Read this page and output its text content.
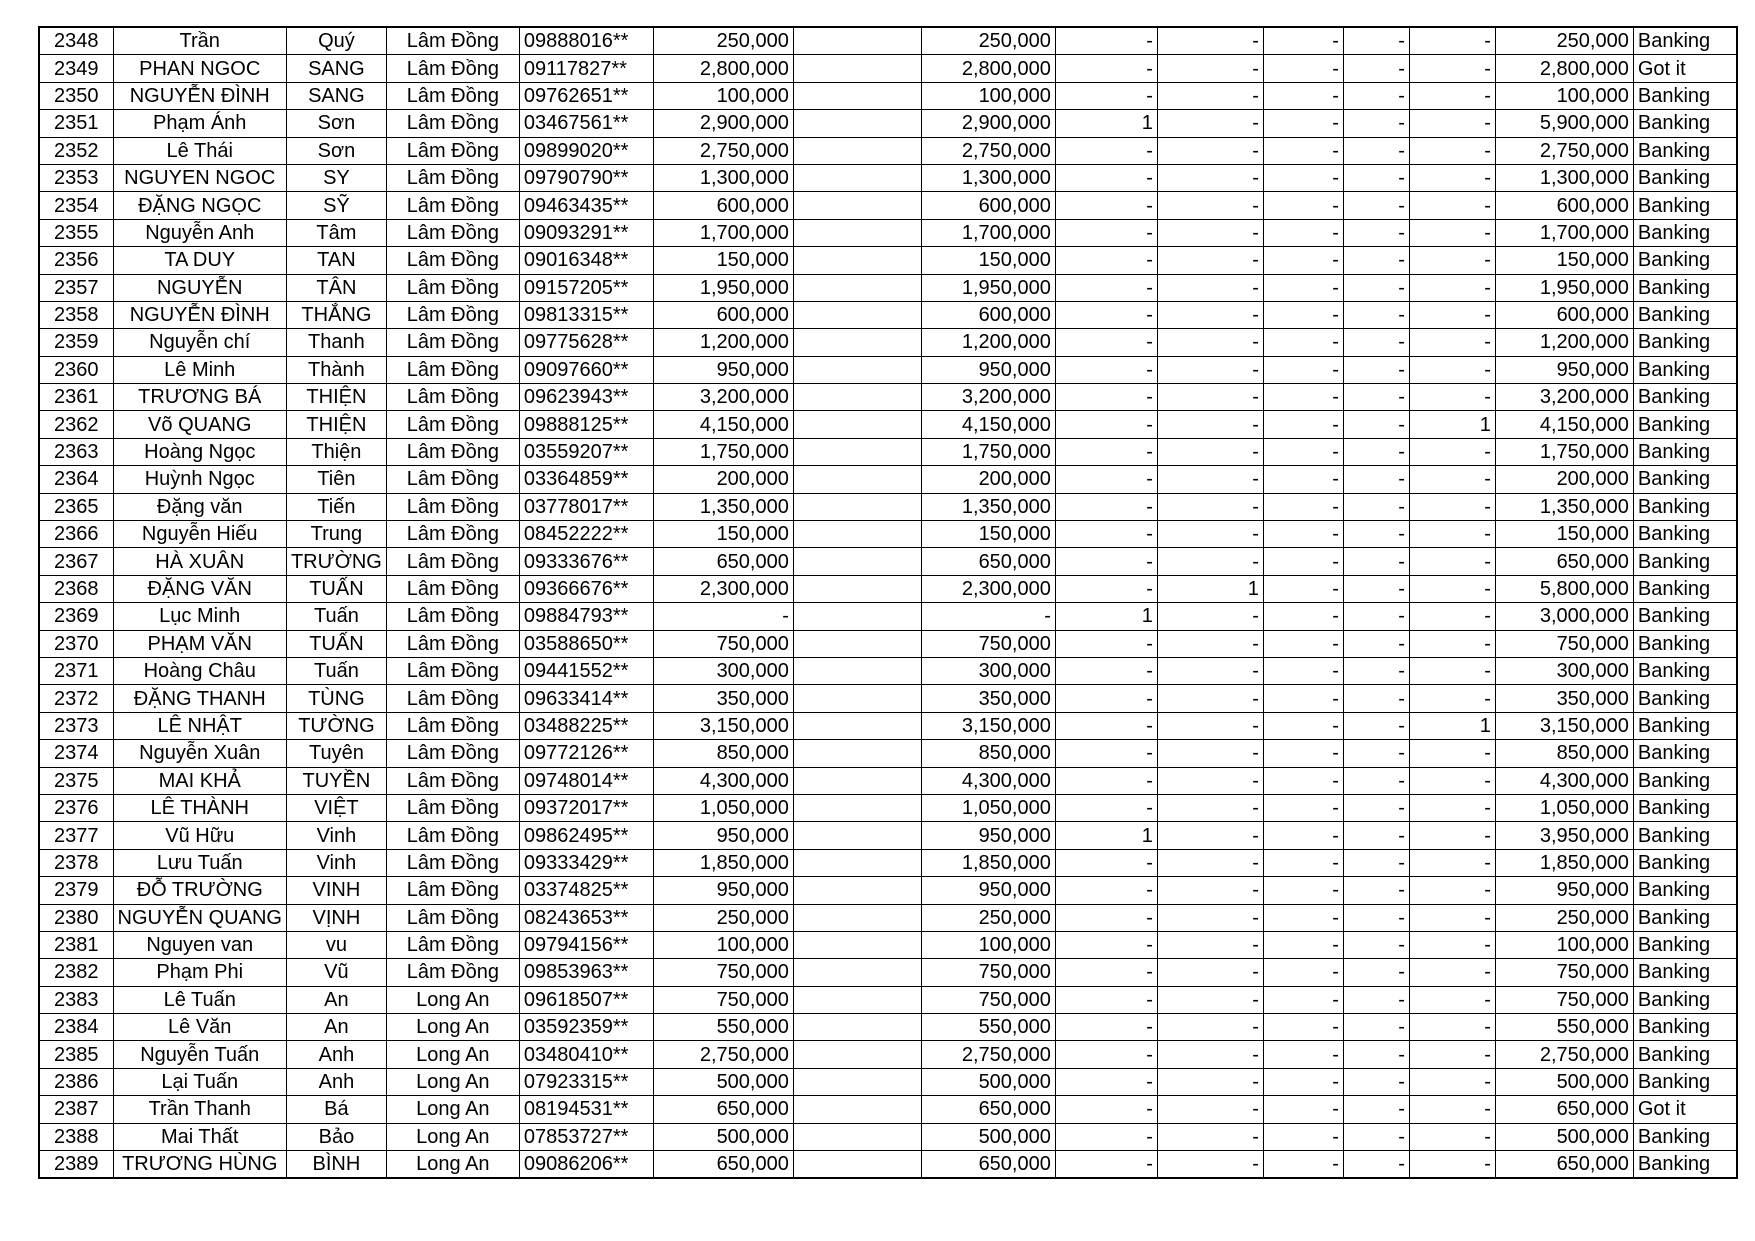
2348	Trần	Quý	Lâm Đồng	09888016**	250,000		250,000	-	-	-	-	-	250,000	Banking
2349	PHAN NGOC	SANG	Lâm Đồng	09117827**	2,800,000		2,800,000	-	-	-	-	-	2,800,000	Got it
2350	NGUYỄN ĐÌNH	SANG	Lâm Đồng	09762651**	100,000		100,000	-	-	-	-	-	100,000	Banking
2351	Phạm Ánh	Sơn	Lâm Đồng	03467561**	2,900,000		2,900,000	1	-	-	-	-	5,900,000	Banking
2352	Lê Thái	Sơn	Lâm Đồng	09899020**	2,750,000		2,750,000	-	-	-	-	-	2,750,000	Banking
2353	NGUYEN NGOC	SY	Lâm Đồng	09790790**	1,300,000		1,300,000	-	-	-	-	-	1,300,000	Banking
2354	ĐẶNG NGỌC	SỸ	Lâm Đồng	09463435**	600,000		600,000	-	-	-	-	-	600,000	Banking
2355	Nguyễn Anh	Tâm	Lâm Đồng	09093291**	1,700,000		1,700,000	-	-	-	-	-	1,700,000	Banking
2356	TA DUY	TAN	Lâm Đồng	09016348**	150,000		150,000	-	-	-	-	-	150,000	Banking
2357	NGUYỄN	TÂN	Lâm Đồng	09157205**	1,950,000		1,950,000	-	-	-	-	-	1,950,000	Banking
2358	NGUYỄN ĐÌNH	THẮNG	Lâm Đồng	09813315**	600,000		600,000	-	-	-	-	-	600,000	Banking
2359	Nguyễn chí	Thanh	Lâm Đồng	09775628**	1,200,000		1,200,000	-	-	-	-	-	1,200,000	Banking
2360	Lê Minh	Thành	Lâm Đồng	09097660**	950,000		950,000	-	-	-	-	-	950,000	Banking
2361	TRƯƠNG BÁ	THIỆN	Lâm Đồng	09623943**	3,200,000		3,200,000	-	-	-	-	-	3,200,000	Banking
2362	Võ QUANG	THIỆN	Lâm Đồng	09888125**	4,150,000		4,150,000	-	-	-	-	1	4,150,000	Banking
2363	Hoàng Ngọc	Thiện	Lâm Đồng	03559207**	1,750,000		1,750,000	-	-	-	-	-	1,750,000	Banking
2364	Huỳnh Ngọc	Tiên	Lâm Đồng	03364859**	200,000		200,000	-	-	-	-	-	200,000	Banking
2365	Đặng văn	Tiến	Lâm Đồng	03778017**	1,350,000		1,350,000	-	-	-	-	-	1,350,000	Banking
2366	Nguyễn Hiếu	Trung	Lâm Đồng	08452222**	150,000		150,000	-	-	-	-	-	150,000	Banking
2367	HÀ XUÂN	TRƯỜNG	Lâm Đồng	09333676**	650,000		650,000	-	-	-	-	-	650,000	Banking
2368	ĐẶNG VĂN	TUẤN	Lâm Đồng	09366676**	2,300,000		2,300,000	-	1	-	-	-	5,800,000	Banking
2369	Lục Minh	Tuấn	Lâm Đồng	09884793**	-		-	1	-	-	-	-	3,000,000	Banking
2370	PHẠM VĂN	TUẤN	Lâm Đồng	03588650**	750,000		750,000	-	-	-	-	-	750,000	Banking
2371	Hoàng Châu	Tuấn	Lâm Đồng	09441552**	300,000		300,000	-	-	-	-	-	300,000	Banking
2372	ĐẶNG THANH	TÙNG	Lâm Đồng	09633414**	350,000		350,000	-	-	-	-	-	350,000	Banking
2373	LÊ NHẬT	TƯỜNG	Lâm Đồng	03488225**	3,150,000		3,150,000	-	-	-	-	1	3,150,000	Banking
2374	Nguyễn Xuân	Tuyên	Lâm Đồng	09772126**	850,000		850,000	-	-	-	-	-	850,000	Banking
2375	MAI KHẢ	TUYỀN	Lâm Đồng	09748014**	4,300,000		4,300,000	-	-	-	-	-	4,300,000	Banking
2376	LÊ THÀNH	VIỆT	Lâm Đồng	09372017**	1,050,000		1,050,000	-	-	-	-	-	1,050,000	Banking
2377	Vũ Hữu	Vinh	Lâm Đồng	09862495**	950,000		950,000	1	-	-	-	-	3,950,000	Banking
2378	Lưu Tuấn	Vinh	Lâm Đồng	09333429**	1,850,000		1,850,000	-	-	-	-	-	1,850,000	Banking
2379	ĐỖ TRƯỜNG	VINH	Lâm Đồng	03374825**	950,000		950,000	-	-	-	-	-	950,000	Banking
2380	NGUYỄN QUANG	VỊNH	Lâm Đồng	08243653**	250,000		250,000	-	-	-	-	-	250,000	Banking
2381	Nguyen van	vu	Lâm Đồng	09794156**	100,000		100,000	-	-	-	-	-	100,000	Banking
2382	Phạm Phi	Vũ	Lâm Đồng	09853963**	750,000		750,000	-	-	-	-	-	750,000	Banking
2383	Lê Tuấn	An	Long An	09618507**	750,000		750,000	-	-	-	-	-	750,000	Banking
2384	Lê Văn	An	Long An	03592359**	550,000		550,000	-	-	-	-	-	550,000	Banking
2385	Nguyễn Tuấn	Anh	Long An	03480410**	2,750,000		2,750,000	-	-	-	-	-	2,750,000	Banking
2386	Lại Tuấn	Anh	Long An	07923315**	500,000		500,000	-	-	-	-	-	500,000	Banking
2387	Trần Thanh	Bá	Long An	08194531**	650,000		650,000	-	-	-	-	-	650,000	Got it
2388	Mai Thất	Bảo	Long An	07853727**	500,000		500,000	-	-	-	-	-	500,000	Banking
2389	TRƯƠNG HÙNG	BÌNH	Long An	09086206**	650,000		650,000	-	-	-	-	-	650,000	Banking
